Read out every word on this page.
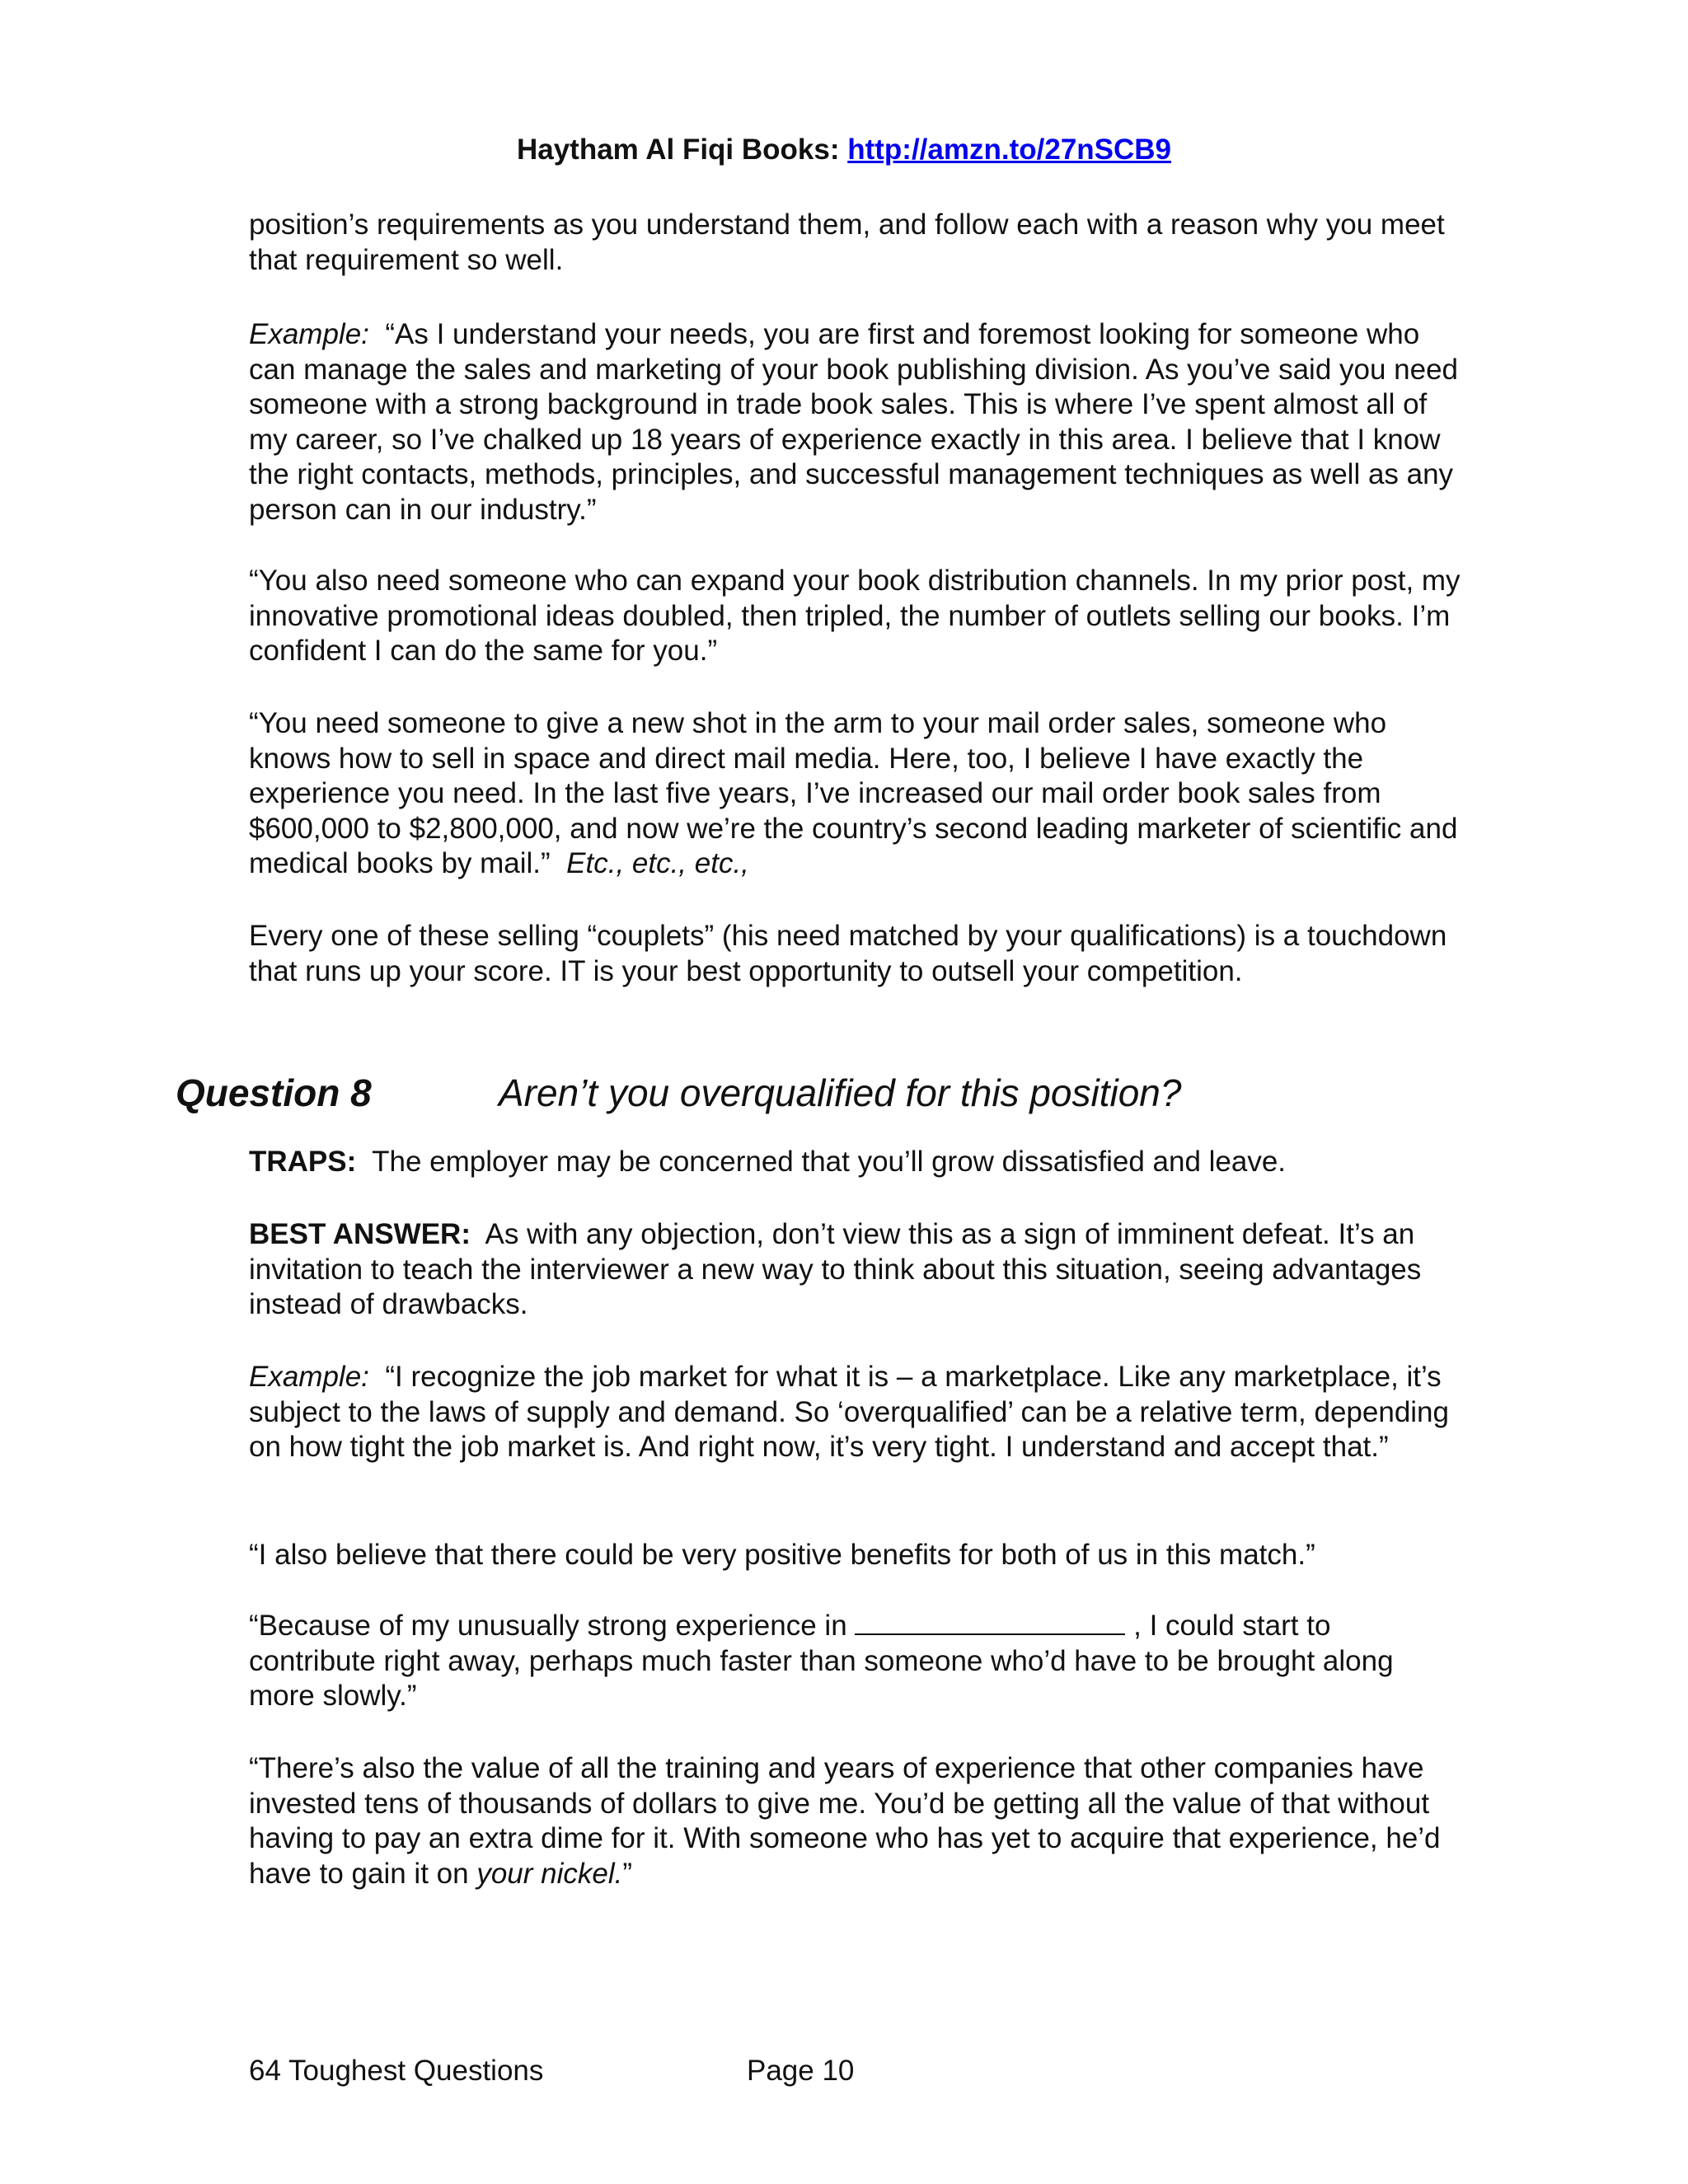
Haytham Al Fiqi Books: http://amzn.to/27nSCB9

position’s requirements as you understand them, and follow each with a reason why you meet that requirement so well.

Example: “As I understand your needs, you are first and foremost looking for someone who can manage the sales and marketing of your book publishing division. As you’ve said you need someone with a strong background in trade book sales. This is where I’ve spent almost all of my career, so I’ve chalked up 18 years of experience exactly in this area. I believe that I know the right contacts, methods, principles, and successful management techniques as well as any person can in our industry.”

“You also need someone who can expand your book distribution channels. In my prior post, my innovative promotional ideas doubled, then tripled, the number of outlets selling our books. I’m confident I can do the same for you.”

“You need someone to give a new shot in the arm to your mail order sales, someone who knows how to sell in space and direct mail media. Here, too, I believe I have exactly the experience you need. In the last five years, I’ve increased our mail order book sales from $600,000 to $2,800,000, and now we’re the country’s second leading marketer of scientific and medical books by mail.” Etc., etc., etc.,

Every one of these selling “couplets” (his need matched by your qualifications) is a touchdown that runs up your score. IT is your best opportunity to outsell your competition.

Question 8	Aren’t you overqualified for this position?

TRAPS: The employer may be concerned that you’ll grow dissatisfied and leave.

BEST ANSWER: As with any objection, don’t view this as a sign of imminent defeat. It’s an invitation to teach the interviewer a new way to think about this situation, seeing advantages instead of drawbacks.

Example: “I recognize the job market for what it is – a marketplace. Like any marketplace, it’s subject to the laws of supply and demand. So ‘overqualified’ can be a relative term, depending on how tight the job market is. And right now, it’s very tight. I understand and accept that.”

“I also believe that there could be very positive benefits for both of us in this match.”

“Because of my unusually strong experience in	, I could start to contribute right away, perhaps much faster than someone who’d have to be brought along more slowly.”

“There’s also the value of all the training and years of experience that other companies have invested tens of thousands of dollars to give me. You’d be getting all the value of that without having to pay an extra dime for it. With someone who has yet to acquire that experience, he’d have to gain it on your nickel.”

64 Toughest Questions	Page 10
